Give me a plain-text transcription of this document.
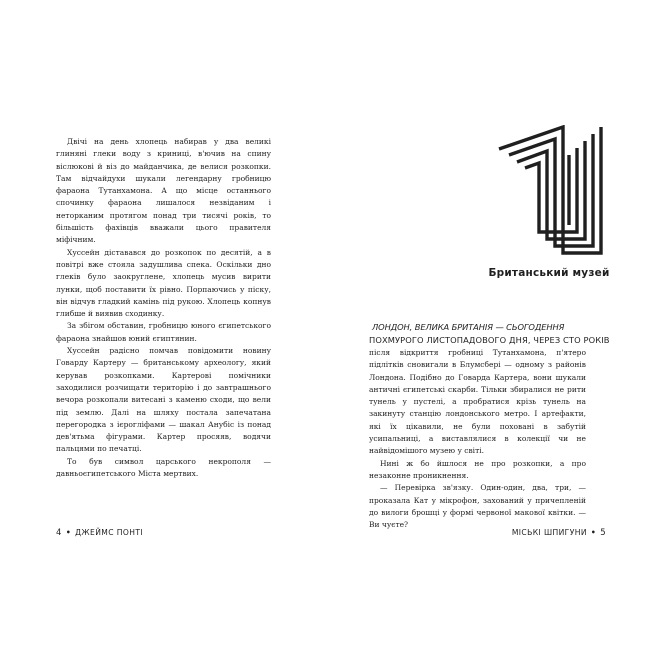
Двічі на день хлопець набирав у два великі глиняні глеки воду з криниці, в'ючив на спину віслюкові й віз до майданчика, де велися розкопки. Там відчайдухи шукали легендарну гробницю фараона Тутанхамона. А що місце останнього спочинку фараона лишалося незвіданим і неторканим протягом понад три тисячі років, то більшість фахівців вважали цього правителя міфічним.

Хуссейн діставався до розкопок по десятій, а в повітрі вже стояла задушлива спека. Оскільки дно глеків було заокруглене, хлопець мусив вирити лунки, щоб поставити їх рівно. Порпаючись у піску, він відчув гладкий камінь під рукою. Хлопець копнув глибше й виявив сходинку.

За збігом обставин, гробницю юного єгипетського фараона знайшов юний єгиптянин.

Хуссейн радісно помчав повідомити новину Говарду Картеру — британському археологу, який керував розкопками. Картерові помічники заходилися розчищати територію і до завтрашнього вечора розкопали витесані з каменю сходи, що вели під землю. Далі на шляху постала запечатана перегородка з ієрогліфами — шакал Анубіс із понад дев'ятьма фігурами. Картер просяяв, водячи пальцями по печатці.

То був символ царського некрополя — давньоєгипетського Міста мертвих.

4 • ДЖЕЙМС ПОНТІ

після відкриття гробниці Тутанхамона, п'ятеро підлітків сновигали в Блумсбері — одному з районів Лондона. Подібно до Говарда Картера, вони шукали античні єгипетські скарби. Тільки збиралися не рити тунель у пустелі, а пробратися крізь тунель на закинуту станцію лондонського метро. І артефакти, які їх цікавили, не були поховані в забутій усипальниці, а виставлялися в колекції чи не найвідомішого музею у світі.

Нині ж бо йшлося не про розкопки, а про незаконне проникнення.

— Перевірка зв'язку. Один-один, два, три, — проказала Кат у мікрофон, захований у причепленій до вилоги брошці у формі червоної макової квітки. — Ви чуєте?

МІСЬКІ ШПИГУНИ • 5
Британський музей
ЛОНДОН, ВЕЛИКА БРИТАНІЯ — СЬОГОДЕННЯ
ПОХМУРОГО ЛИСТОПАДОВОГО ДНЯ, ЧЕРЕЗ СТО РОКІВ
